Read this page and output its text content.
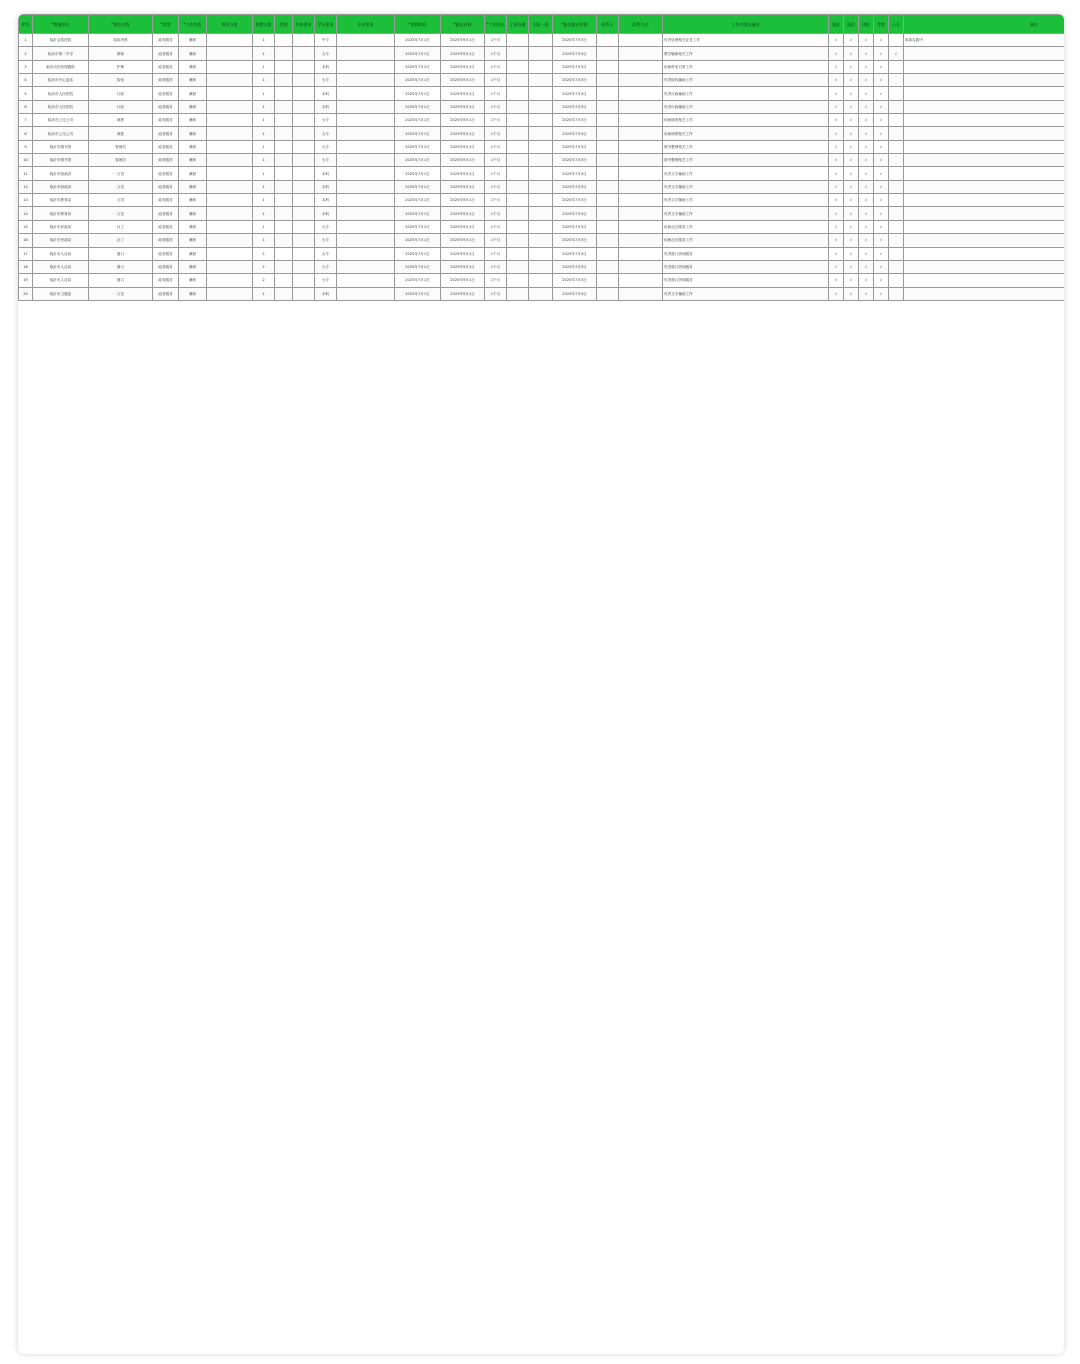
序号	*用编单位	*岗位名称	*类型	*工作性质	岗位分类	招聘人数	性别	年龄要求	学历要求	专业要求	*招聘时间	*截止时间	*工作时长	工资待遇	五险一金	*报名截止时间	联系人	联系方式	工作内容及描述	笔试	面试	体检	考察	公示	备注
1	临沂金泰医院	临床内科	政务服务	兼职		1			中专		2025年7月1日	2025年9月1日	1个月			2025年7月5日			负责处理相关业务工作	√	√	√	√		临床实践中
2	临沂市第二中学	教师	政务服务	兼职		1			大专		2025年7月1日	2025年9月1日	1个月			2025年7月5日			教学辅助相关工作	√	√	√	√	√	
3	临沂市妇幼保健院	护理	政务服务	兼职		1			本科		2025年7月1日	2025年9月1日	1个月			2025年7月5日			协助科室日常工作	√	√	√	√		
4	临沂市中心血站	检验	政务服务	兼职		1			大专		2025年7月1日	2025年9月1日	1个月			2025年7月5日			负责检验辅助工作	√	√	√	√		
5	临沂市人民医院	行政	政务服务	兼职		1			本科		2025年7月1日	2025年9月1日	1个月			2025年7月5日			负责行政辅助工作	√	√	√	√		
6	临沂市人民医院	行政	政务服务	兼职		1			本科		2025年7月1日	2025年9月1日	1个月			2025年7月5日			负责行政辅助工作	√	√	√	√		
7	临沂市公交公司	调度	政务服务	兼职		1			大专		2025年7月1日	2025年9月1日	1个月			2025年7月5日			协助调度相关工作	√	√	√	√		
8	临沂市公交公司	调度	政务服务	兼职		1			大专		2025年7月1日	2025年9月1日	1个月			2025年7月5日			协助调度相关工作	√	√	√	√		
9	临沂市图书馆	管理员	政务服务	兼职		1			大专		2025年7月1日	2025年9月1日	1个月			2025年7月5日			图书整理相关工作	√	√	√	√		
10	临沂市图书馆	管理员	政务服务	兼职		1			大专		2025年7月1日	2025年9月1日	1个月			2025年7月5日			图书整理相关工作	√	√	√	√		
11	临沂市财政局	文员	政务服务	兼职		1			本科		2025年7月1日	2025年9月1日	1个月			2025年7月5日			负责文字辅助工作	√	√	√	√		
12	临沂市财政局	文员	政务服务	兼职		1			本科		2025年7月1日	2025年9月1日	1个月			2025年7月5日			负责文字辅助工作	√	√	√	√		
13	临沂市教育局	文员	政务服务	兼职		1			本科		2025年7月1日	2025年9月1日	1个月			2025年7月5日			负责文字辅助工作	√	√	√	√		
14	临沂市教育局	文员	政务服务	兼职		1			本科		2025年7月1日	2025年9月1日	1个月			2025年7月5日			负责文字辅助工作	√	√	√	√		
15	临沂市民政局	社工	政务服务	兼职		1			大专		2025年7月1日	2025年9月1日	1个月			2025年7月5日			协助社区服务工作	√	√	√	√		
16	临沂市民政局	社工	政务服务	兼职		1			大专		2025年7月1日	2025年9月1日	1个月			2025年7月5日			协助社区服务工作	√	√	√	√		
17	临沂市人社局	窗口	政务服务	兼职		2			大专		2025年7月1日	2025年9月1日	1个月			2025年7月5日			负责窗口咨询服务	√	√	√	√		
18	临沂市人社局	窗口	政务服务	兼职		2			大专		2025年7月1日	2025年9月1日	1个月			2025年7月5日			负责窗口咨询服务	√	√	√	√		
19	临沂市人社局	窗口	政务服务	兼职		2			大专		2025年7月1日	2025年9月1日	1个月			2025年7月5日			负责窗口咨询服务	√	√	√	√		
20	临沂市卫健委	文员	政务服务	兼职		1			本科		2025年7月1日	2025年9月1日	1个月			2025年7月5日			负责文字辅助工作	√	√	√	√		
